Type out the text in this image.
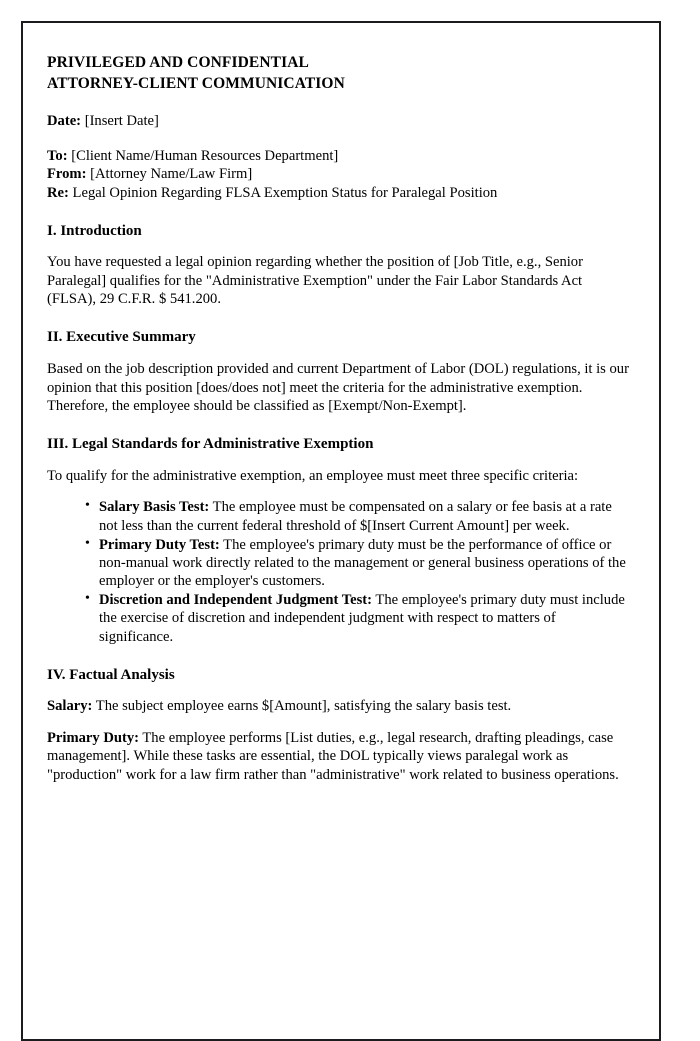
PRIVILEGED AND CONFIDENTIAL
ATTORNEY-CLIENT COMMUNICATION

Date: [Insert Date]

To: [Client Name/Human Resources Department]

From: [Attorney Name/Law Firm]

Re: Legal Opinion Regarding FLSA Exemption Status for Paralegal Position

I. Introduction

You have requested a legal opinion regarding whether the position of [Job Title, e.g., Senior Paralegal] qualifies for the "Administrative Exemption" under the Fair Labor Standards Act (FLSA), 29 C.F.R. $ 541.200.

II. Executive Summary

Based on the job description provided and current Department of Labor (DOL) regulations, it is our opinion that this position [does/does not] meet the criteria for the administrative exemption. Therefore, the employee should be classified as [Exempt/Non-Exempt].

III. Legal Standards for Administrative Exemption

To qualify for the administrative exemption, an employee must meet three specific criteria:

• Salary Basis Test: The employee must be compensated on a salary or fee basis at a rate not less than the current federal threshold of $[Insert Current Amount] per week.
• Primary Duty Test: The employee's primary duty must be the performance of office or non-manual work directly related to the management or general business operations of the employer or the employer's customers.
• Discretion and Independent Judgment Test: The employee's primary duty must include the exercise of discretion and independent judgment with respect to matters of significance.
IV. Factual Analysis

Salary: The subject employee earns $[Amount], satisfying the salary basis test.

Primary Duty: The employee performs [List duties, e.g., legal research, drafting pleadings, case management]. While these tasks are essential, the DOL typically views paralegal work as "production" work for a law firm rather than "administrative" work related to business operations.
